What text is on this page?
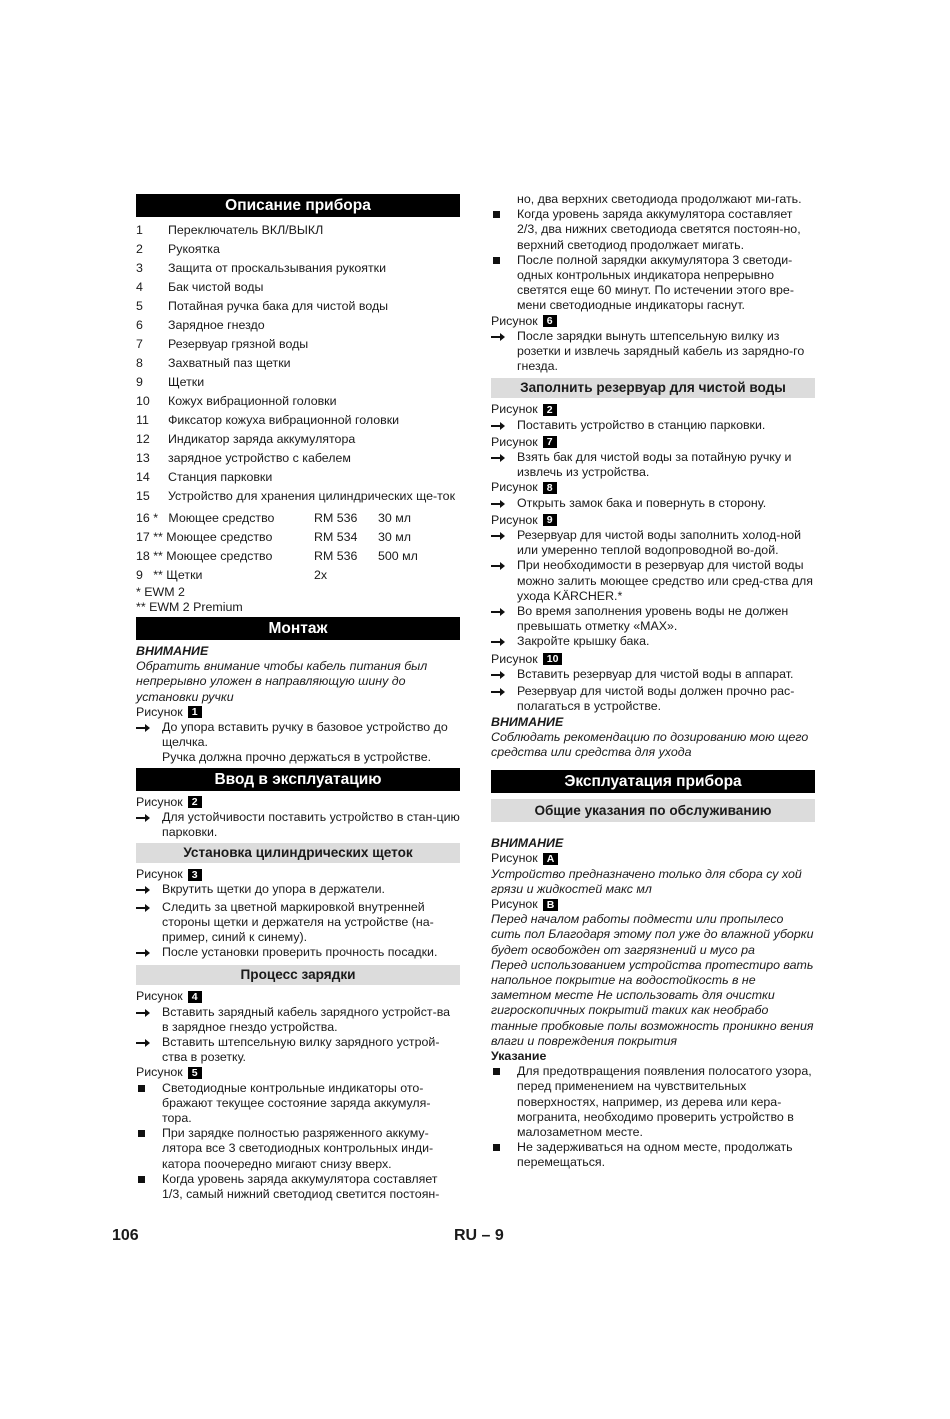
Описание прибора
1	Переключатель ВКЛ/ВЫКЛ
2	Рукоятка
3	Защита от проскальзывания рукоятки
4	Бак чистой воды
5	Потайная ручка бака для чистой воды
6	Зарядное гнездо
7	Резервуар грязной воды
8	Захватный паз щетки
9	Щетки
10	Кожух вибрационной головки
11	Фиксатор кожуха вибрационной головки
12	Индикатор заряда аккумулятора
13	зарядное устройство с кабелем
14	Станция парковки
15	Устройство для хранения цилиндрических ще-ток
16 *   Моющее средство	RM 536	30 мл
17 ** Моющее средство	RM 534	30 мл
18 ** Моющее средство	RM 536	500 мл
9   ** Щетки	2x
* EWM 2
** EWM 2 Premium
Монтаж
ВНИМАНИЕ
Обратить внимание чтобы кабель питания был непрерывно уложен в направляющую шину до установки ручки
Рисунок 1
До упора вставить ручку в базовое устройство до щелчка.
Ручка должна прочно держаться в устройстве.
Ввод в эксплуатацию
Рисунок 2
Для устойчивости поставить устройство в стан-цию парковки.
Установка цилиндрических щеток
Рисунок 3
Вкрутить щетки до упора в держатели.
Следить за цветной маркировкой внутренней стороны щетки и держателя на устройстве (на-пример, синий к синему).
После установки проверить прочность посадки.
Процесс зарядки
Рисунок 4
Вставить зарядный кабель зарядного устройст-ва в зарядное гнездо устройства.
Вставить штепсельную вилку зарядного устрой-ства в розетку.
Рисунок 5
Светодиодные контрольные индикаторы ото-бражают текущее состояние заряда аккумуля-тора.
При зарядке полностью разряженного аккуму-лятора все 3 светодиодных контрольных инди-катора поочередно мигают снизу вверх.
Когда уровень заряда аккумулятора составляет 1/3, самый нижний светодиод светится постоян-
но, два верхних светодиода продолжают ми-гать.
Когда уровень заряда аккумулятора составляет 2/3, два нижних светодиода светятся постоян-но, верхний светодиод продолжает мигать.
После полной зарядки аккумулятора 3 светоди-одных контрольных индикатора непрерывно светятся еще 60 минут. По истечении этого вре-мени светодиодные индикаторы гаснут.
Рисунок 6
После зарядки вынуть штепсельную вилку из розетки и извлечь зарядный кабель из зарядно-го гнезда.
Заполнить резервуар для чистой воды
Рисунок 2
Поставить устройство в станцию парковки.
Рисунок 7
Взять бак для чистой воды за потайную ручку и извлечь из устройства.
Рисунок 8
Открыть замок бака и повернуть в сторону.
Рисунок 9
Резервуар для чистой воды заполнить холод-ной или умеренно теплой водопроводной во-дой.
При необходимости в резервуар для чистой воды можно залить моющее средство или сред-ства для ухода KÄRCHER.*
Во время заполнения уровень воды не должен превышать отметку «MAX».
Закройте крышку бака.
Рисунок 10
Вставить резервуар для чистой воды в аппарат.
Резервуар для чистой воды должен прочно рас-полагаться в устройстве.
ВНИМАНИЕ
Соблюдать рекомендацию по дозированию мою щего средства или средства для ухода
Эксплуатация прибора
Общие указания по обслуживанию
ВНИМАНИЕ
Рисунок A
Устройство предназначено только для сбора су хой грязи и жидкостей макс мл
Рисунок B
Перед началом работы подмести или пропылесо сить пол Благодаря этому пол уже до влажной уборки будет освобожден от загрязнений и мусо ра
Перед использованием устройства протестиро вать напольное покрытие на водостойкость в не заметном месте Не использовать для очистки гигроскопичных покрытий таких как необрабо танные пробковые полы возможность проникно вения влаги и повреждения покрытия
Указание
Для предотвращения появления полосатого узора, перед применением на чувствительных поверхностях, например, из дерева или кера-могранита, необходимо проверить устройство в малозаметном месте.
Не задерживаться на одном месте, продолжать перемещаться.
106	RU – 9
